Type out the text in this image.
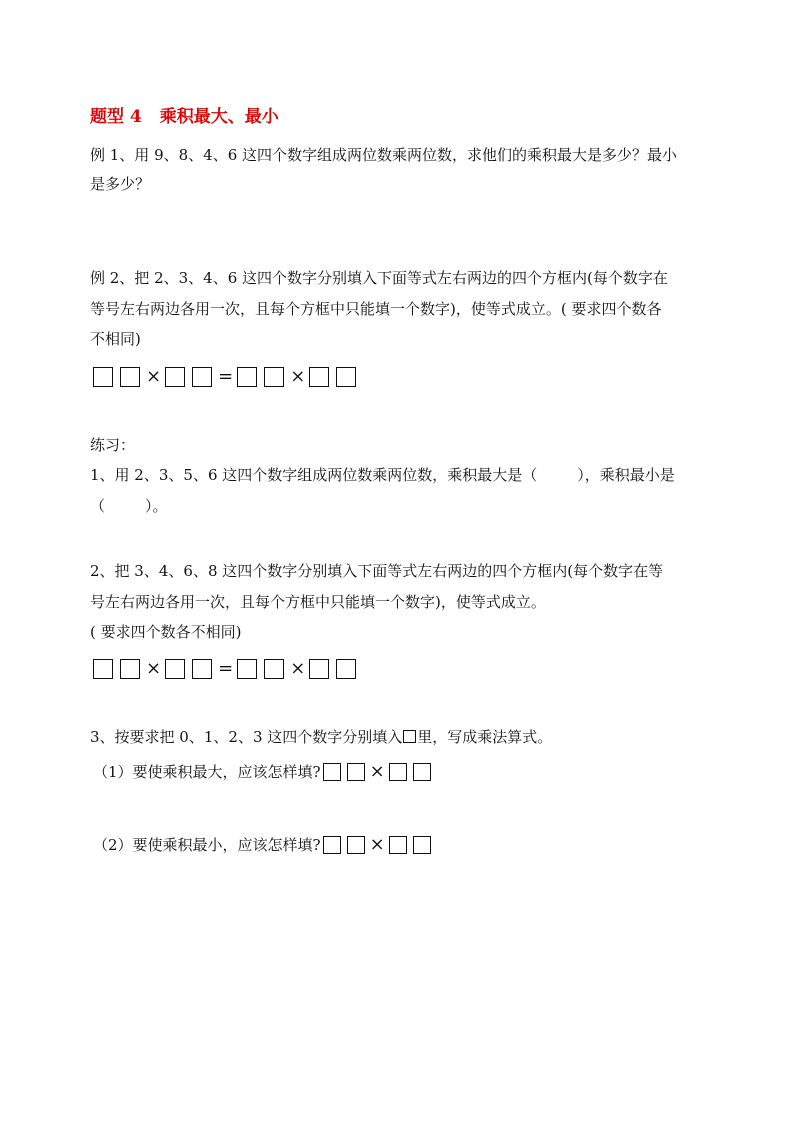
题型 4 乘积最大、最小
例 1、用 9、8、4、6 这四个数字组成两位数乘两位数，求他们的乘积最大是多少？最小
是多少？
例 2、把 2、3、4、6 这四个数字分别填入下面等式左右两边的四个方框内(每个数字在
等号左右两边各用一次，且每个方框中只能填一个数字)，使等式成立。( 要求四个数各
不相同)
×	=	×
练习：
1、用 2、3、5、6 这四个数字组成两位数乘两位数，乘积最大是（	），乘积最小是
（	）。
2、把 3、4、6、8 这四个数字分别填入下面等式左右两边的四个方框内(每个数字在等
号左右两边各用一次，且每个方框中只能填一个数字)，使等式成立。
( 要求四个数各不相同)
×	=	×
3、按要求把 0、1、2、3 这四个数字分别填入 里，写成乘法算式。
（1）要使乘积最大，应该怎样填?	×
（2）要使乘积最小，应该怎样填?	×
